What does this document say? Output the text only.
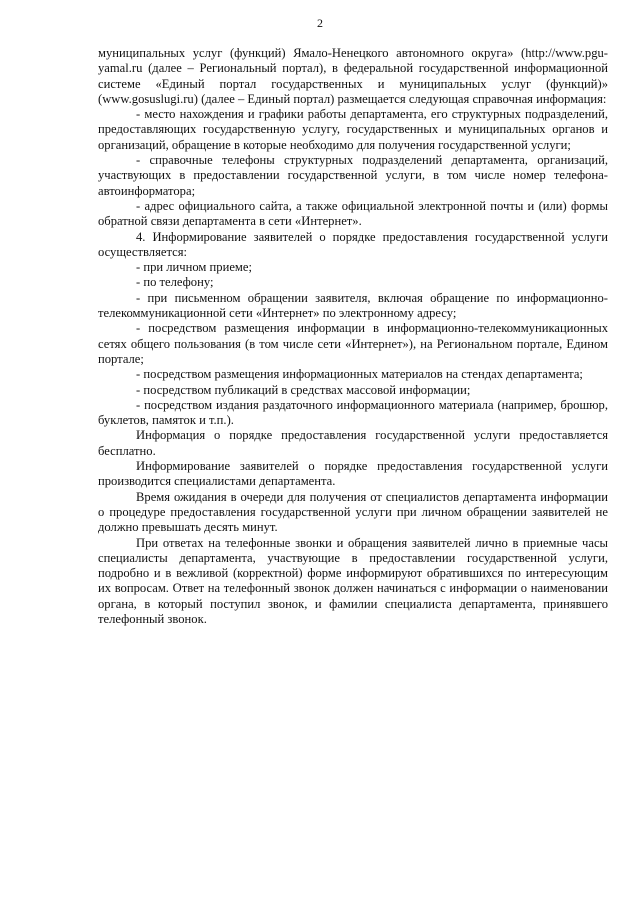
2

муниципальных услуг (функций) Ямало-Ненецкого автономного округа» (http://www.pgu-yamal.ru (далее – Региональный портал), в федеральной государственной информационной системе «Единый портал государственных и муниципальных услуг (функций)» (www.gosuslugi.ru) (далее – Единый портал) размещается следующая справочная информация:

- место нахождения и графики работы департамента, его структурных подразделений, предоставляющих государственную услугу, государственных и муниципальных органов и организаций, обращение в которые необходимо для получения государственной услуги;

- справочные телефоны структурных подразделений департамента, организаций, участвующих в предоставлении государственной услуги, в том числе номер телефона-автоинформатора;

- адрес официального сайта, а также официальной электронной почты и (или) формы обратной связи департамента в сети «Интернет».

4. Информирование заявителей о порядке предоставления государственной услуги осуществляется:

- при личном приеме;

- по телефону;

- при письменном обращении заявителя, включая обращение по информационно-телекоммуникационной сети «Интернет» по электронному адресу;

- посредством размещения информации в информационно-телекоммуникационных сетях общего пользования (в том числе сети «Интернет»), на Региональном портале, Едином портале;

- посредством размещения информационных материалов на стендах департамента;

- посредством публикаций в средствах массовой информации;

- посредством издания раздаточного информационного материала (например, брошюр, буклетов, памяток и т.п.).

Информация о порядке предоставления государственной услуги предоставляется бесплатно.

Информирование заявителей о порядке предоставления государственной услуги производится специалистами департамента.

Время ожидания в очереди для получения от специалистов департамента информации о процедуре предоставления государственной услуги при личном обращении заявителей не должно превышать десять минут.

При ответах на телефонные звонки и обращения заявителей лично в приемные часы специалисты департамента, участвующие в предоставлении государственной услуги, подробно и в вежливой (корректной) форме информируют обратившихся по интересующим их вопросам. Ответ на телефонный звонок должен начинаться с информации о наименовании органа, в который поступил звонок, и фамилии специалиста департамента, принявшего телефонный звонок.
